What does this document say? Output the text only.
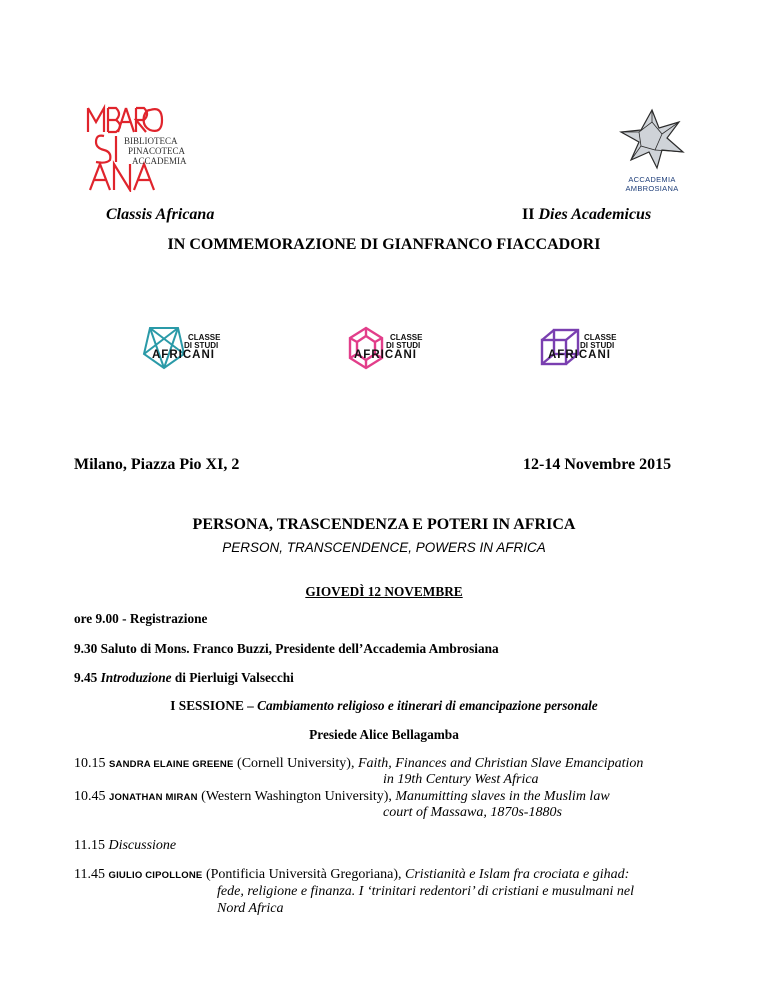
BIBLIOTECA
PINACOTECA
ACCADEMIA
ACCADEMIA
AMBROSIANA
Classis Africana	II Dies Academicus
IN COMMEMORAZIONE DI GIANFRANCO FIACCADORI
CLASSE
DI STUDI
AFRICANI
CLASSE
DI STUDI
AFRICANI
CLASSE
DI STUDI
AFRICANI
Milano, Piazza Pio XI, 2	12-14 Novembre 2015
PERSONA, TRASCENDENZA E POTERI IN AFRICA
PERSON, TRANSCENDENCE, POWERS IN AFRICA
GIOVEDÌ 12 NOVEMBRE
ore 9.00 - Registrazione
9.30 Saluto di Mons. Franco Buzzi, Presidente dell’Accademia Ambrosiana
9.45 Introduzione di Pierluigi Valsecchi
I SESSIONE – Cambiamento religioso e itinerari di emancipazione personale
Presiede Alice Bellagamba
10.15 SANDRA ELAINE GREENE (Cornell University), Faith, Finances and Christian Slave Emancipation
in 19th Century West Africa
10.45 JONATHAN MIRAN (Western Washington University), Manumitting slaves in the Muslim law
court of Massawa, 1870s-1880s
11.15 Discussione
11.45 GIULIO CIPOLLONE (Pontificia Università Gregoriana), Cristianità e Islam fra crociata e gihad:
fede, religione e finanza. I ‘trinitari redentori’ di cristiani e musulmani nel
Nord Africa
